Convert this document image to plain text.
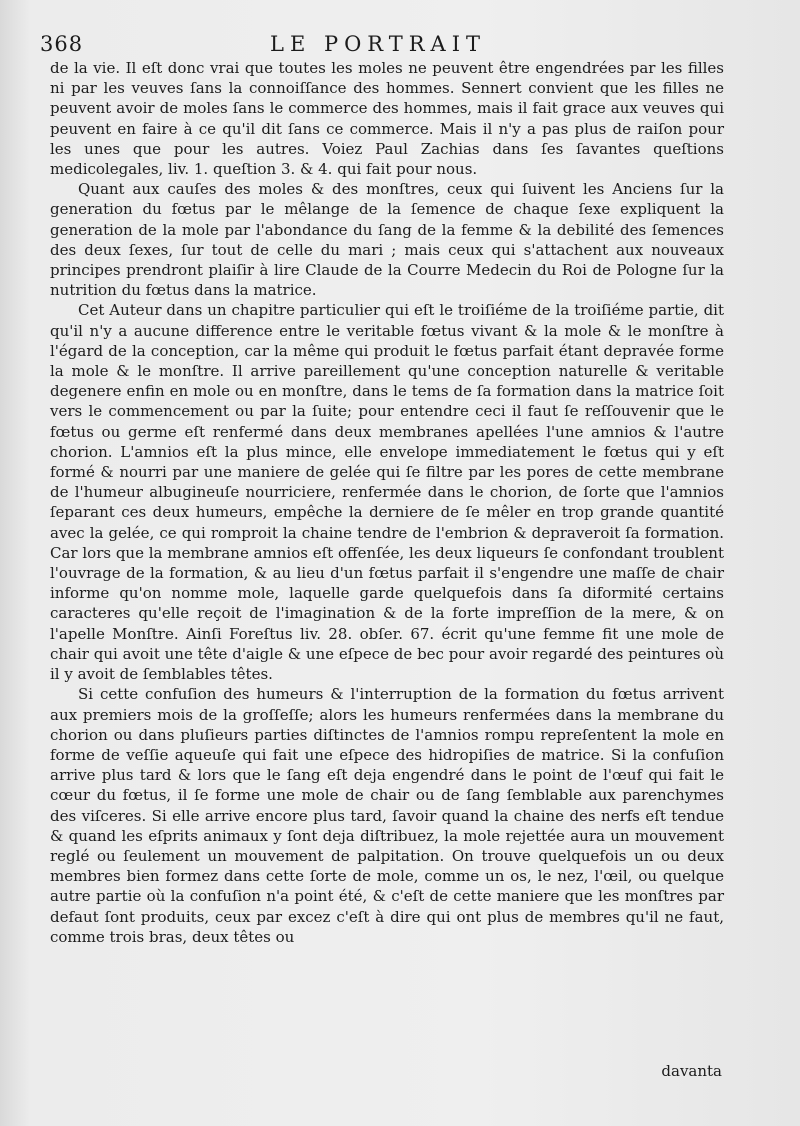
368	LE PORTRAIT

de la vie. Il eſt donc vrai que toutes les moles ne peuvent être engendrées par les filles ni par les veuves ſans la connoiſſance des hommes. Sennert convient que les filles ne peuvent avoir de moles ſans le commerce des hommes, mais il fait grace aux veuves qui peuvent en faire à ce qu'il dit ſans ce commerce. Mais il n'y a pas plus de raiſon pour les unes que pour les autres. Voiez Paul Zachias dans ſes ſavantes queſtions medicolegales, liv. 1. queſtion 3. & 4. qui fait pour nous.

Quant aux cauſes des moles & des monſtres, ceux qui ſuivent les Anciens ſur la generation du fœtus par le mêlange de la ſemence de chaque ſexe expliquent la generation de la mole par l'abondance du ſang de la femme & la debilité des ſemences des deux ſexes, ſur tout de celle du mari ; mais ceux qui s'attachent aux nouveaux principes prendront plaiſir à lire Claude de la Courre Medecin du Roi de Pologne ſur la nutrition du fœtus dans la matrice.

Cet Auteur dans un chapitre particulier qui eſt le troiſiéme de la troiſiéme partie, dit qu'il n'y a aucune difference entre le veritable fœtus vivant & la mole & le monſtre à l'égard de la conception, car la même qui produit le fœtus parfait étant depravée forme la mole & le monſtre. Il arrive pareillement qu'une conception naturelle & veritable degenere enfin en mole ou en monſtre, dans le tems de ſa formation dans la matrice ſoit vers le commencement ou par la ſuite; pour entendre ceci il faut ſe reſſouvenir que le fœtus ou germe eſt renfermé dans deux membranes apellées l'une amnios & l'autre chorion. L'amnios eſt la plus mince, elle envelope immediatement le fœtus qui y eſt formé & nourri par une maniere de gelée qui ſe filtre par les pores de cette membrane de l'humeur albugineuſe nourriciere, renfermée dans le chorion, de ſorte que l'amnios ſeparant ces deux humeurs, empêche la derniere de ſe mêler en trop grande quantité avec la gelée, ce qui romproit la chaine tendre de l'embrion & depraveroit ſa formation. Car lors que la membrane amnios eſt offenſée, les deux liqueurs ſe confondant troublent l'ouvrage de la formation, & au lieu d'un fœtus parfait il s'engendre une maſſe de chair informe qu'on nomme mole, laquelle garde quelquefois dans ſa diformité certains caracteres qu'elle reçoit de l'imagination & de la forte impreſſion de la mere, & on l'apelle Monſtre. Ainſi Foreſtus liv. 28. obſer. 67. écrit qu'une femme fit une mole de chair qui avoit une tête d'aigle & une eſpece de bec pour avoir regardé des peintures où il y avoit de ſemblables têtes.

Si cette confuſion des humeurs & l'interruption de la formation du fœtus arrivent aux premiers mois de la groſſeſſe; alors les humeurs renfermées dans la membrane du chorion ou dans pluſieurs parties diſtinctes de l'amnios rompu repreſentent la mole en forme de veſſie aqueuſe qui fait une eſpece des hidropiſies de matrice. Si la confuſion arrive plus tard & lors que le ſang eſt deja engendré dans le point de l'œuf qui fait le cœur du fœtus, il ſe forme une mole de chair ou de ſang ſemblable aux parenchymes des viſceres. Si elle arrive encore plus tard, ſavoir quand la chaine des nerfs eſt tendue & quand les eſprits animaux y ſont deja diſtribuez, la mole rejettée aura un mouvement reglé ou ſeulement un mouvement de palpitation. On trouve quelquefois un ou deux membres bien formez dans cette ſorte de mole, comme un os, le nez, l'œil, ou quelque autre partie où la confuſion n'a point été, & c'eſt de cette maniere que les monſtres par defaut ſont produits, ceux par excez c'eſt à dire qui ont plus de membres qu'il ne faut, comme trois bras, deux têtes ou

davanta
